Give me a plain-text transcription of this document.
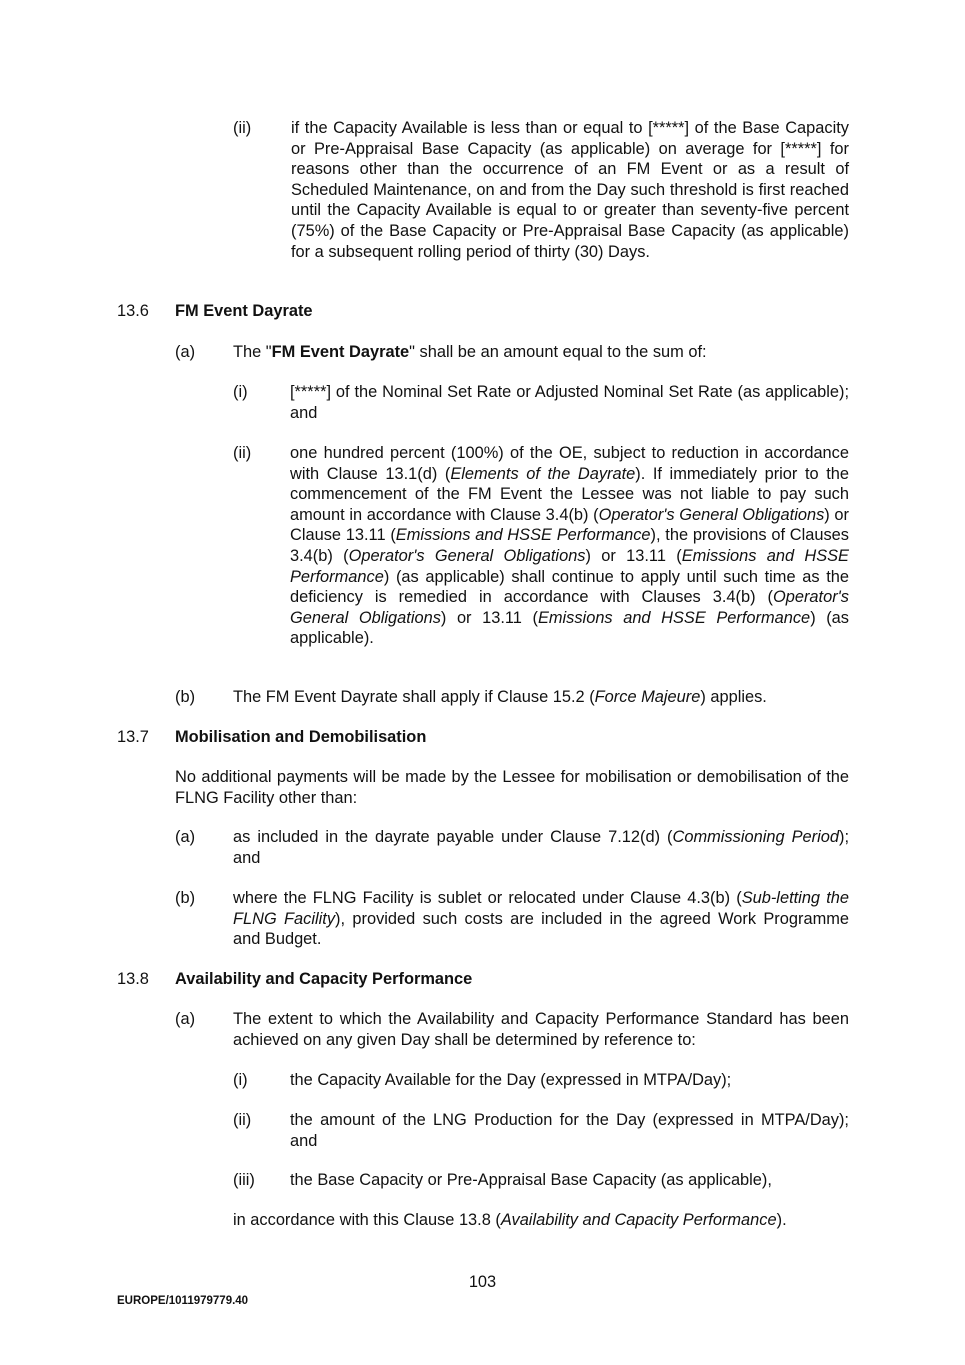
(ii) if the Capacity Available is less than or equal to [*****] of the Base Capacity or Pre-Appraisal Base Capacity (as applicable) on average for [*****] for reasons other than the occurrence of an FM Event or as a result of Scheduled Maintenance, on and from the Day such threshold is first reached until the Capacity Available is equal to or greater than seventy-five percent (75%) of the Base Capacity or Pre-Appraisal Base Capacity (as applicable) for a subsequent rolling period of thirty (30) Days.
13.6 FM Event Dayrate
(a) The "FM Event Dayrate" shall be an amount equal to the sum of:
(i)	[*****] of the Nominal Set Rate or Adjusted Nominal Set Rate (as applicable); and
(ii) one hundred percent (100%) of the OE, subject to reduction in accordance with Clause 13.1(d) (Elements of the Dayrate). If immediately prior to the commencement of the FM Event the Lessee was not liable to pay such amount in accordance with Clause 3.4(b) (Operator's General Obligations) or Clause 13.11 (Emissions and HSSE Performance), the provisions of Clauses 3.4(b) (Operator's General Obligations) or 13.11 (Emissions and HSSE Performance) (as applicable) shall continue to apply until such time as the deficiency is remedied in accordance with Clauses 3.4(b) (Operator's General Obligations) or 13.11 (Emissions and HSSE Performance) (as applicable).
(b) The FM Event Dayrate shall apply if Clause 15.2 (Force Majeure) applies.
13.7 Mobilisation and Demobilisation
No additional payments will be made by the Lessee for mobilisation or demobilisation of the FLNG Facility other than:
(a) as included in the dayrate payable under Clause 7.12(d) (Commissioning Period); and
(b) where the FLNG Facility is sublet or relocated under Clause 4.3(b) (Sub-letting the FLNG Facility), provided such costs are included in the agreed Work Programme and Budget.
13.8 Availability and Capacity Performance
(a) The extent to which the Availability and Capacity Performance Standard has been achieved on any given Day shall be determined by reference to:
(i)	the Capacity Available for the Day (expressed in MTPA/Day);
(ii) the amount of the LNG Production for the Day (expressed in MTPA/Day); and
(iii) the Base Capacity or Pre-Appraisal Base Capacity (as applicable),
in accordance with this Clause 13.8 (Availability and Capacity Performance).
103
EUROPE/1011979779.40
